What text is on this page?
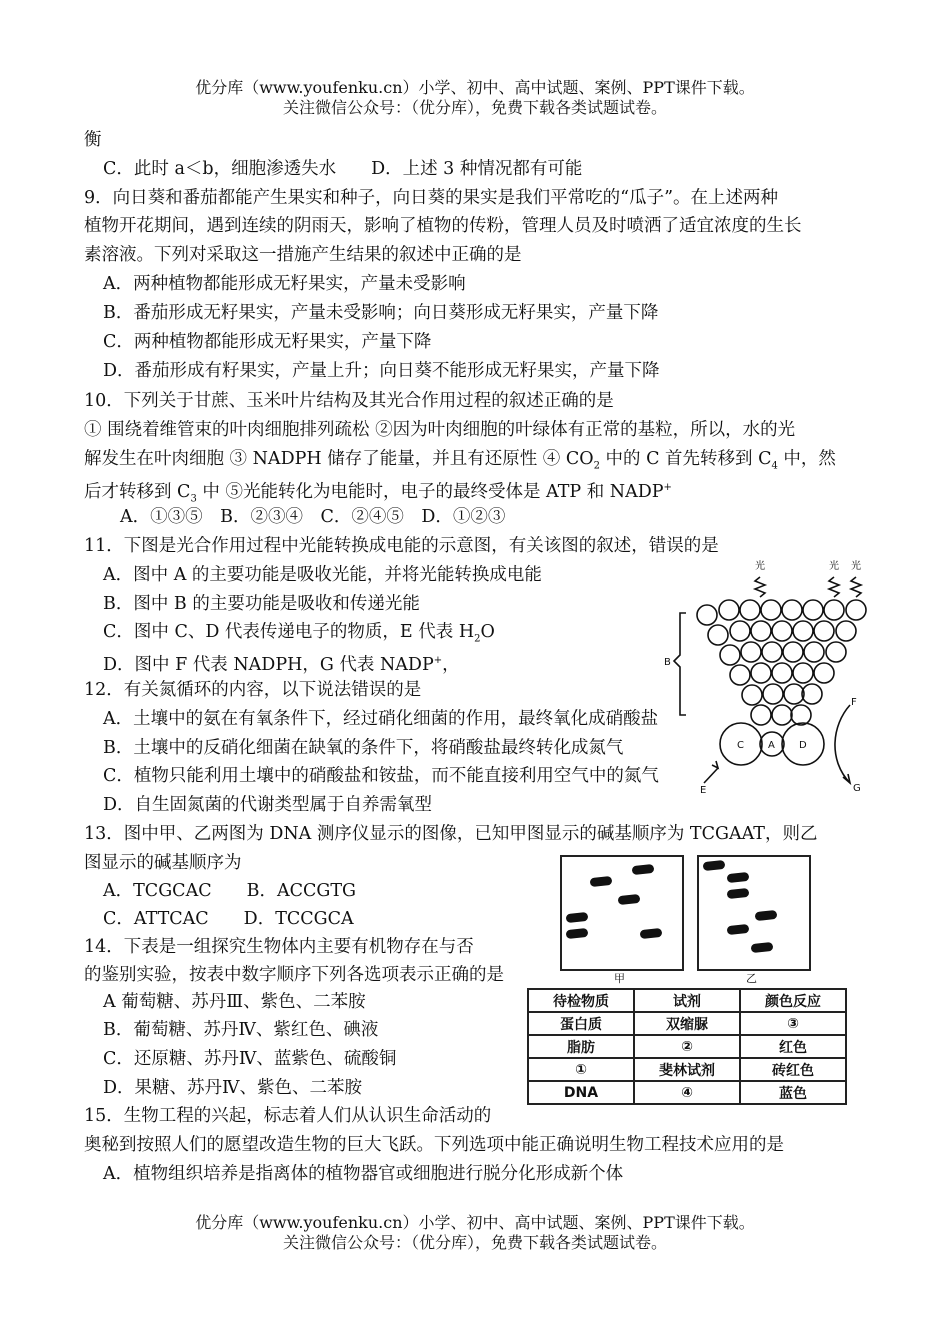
优分库（www.youfenku.cn）小学、初中、高中试题、案例、PPT课件下载。
关注微信公众号：（优分库），免费下载各类试题试卷。
衡
C．此时 a＜b，细胞渗透失水　　D．上述 3 种情况都有可能
9．向日葵和番茄都能产生果实和种子，向日葵的果实是我们平常吃的“瓜子”。在上述两种
植物开花期间，遇到连续的阴雨天，影响了植物的传粉，管理人员及时喷洒了适宜浓度的生长
素溶液。下列对采取这一措施产生结果的叙述中正确的是
A．两种植物都能形成无籽果实，产量未受影响
B．番茄形成无籽果实，产量未受影响；向日葵形成无籽果实，产量下降
C．两种植物都能形成无籽果实，产量下降
D．番茄形成有籽果实，产量上升；向日葵不能形成无籽果实，产量下降
10．下列关于甘蔗、玉米叶片结构及其光合作用过程的叙述正确的是
① 围绕着维管束的叶肉细胞排列疏松 ②因为叶肉细胞的叶绿体有正常的基粒，所以，水的光
解发生在叶肉细胞 ③ NADPH 储存了能量，并且有还原性 ④ $CO_2$ 中的 C 首先转移到 $C_4$ 中，然
后才转移到 $C_3$ 中 ⑤光能转化为电能时，电子的最终受体是 ATP 和 NADP+
A．①③⑤　B．②③④　C．②④⑤　D．①②③
11．下图是光合作用过程中光能转换成电能的示意图，有关该图的叙述，错误的是
A．图中 A 的主要功能是吸收光能，并将光能转换成电能
B．图中 B 的主要功能是吸收和传递光能
C．图中 C、D 代表传递电子的物质，E 代表 $H_2O$
D．图中 F 代表 NADPH，G 代表 NADP+，
光	光 光
B
C A D
F
G
E
12．有关氮循环的内容，以下说法错误的是
A．土壤中的氨在有氧条件下，经过硝化细菌的作用，最终氧化成硝酸盐
B．土壤中的反硝化细菌在缺氧的条件下，将硝酸盐最终转化成氮气
C．植物只能利用土壤中的硝酸盐和铵盐，而不能直接利用空气中的氮气
D．自生固氮菌的代谢类型属于自养需氧型
13．图中甲、乙两图为 DNA 测序仪显示的图像，已知甲图显示的碱基顺序为 TCGAAT，则乙
图显示的碱基顺序为
A．TCGCAC　　B．ACCGTG
C．ATTCAC　　D．TCCGCA
甲	乙
14．下表是一组探究生物体内主要有机物存在与否
的鉴别实验，按表中数字顺序下列各选项表示正确的是
A 葡萄糖、苏丹Ⅲ、紫色、二苯胺
B．葡萄糖、苏丹Ⅳ、紫红色、碘液
C．还原糖、苏丹Ⅳ、蓝紫色、硫酸铜
D．果糖、苏丹Ⅳ、紫色、二苯胺
待检物质	试剂	颜色反应
蛋白质	双缩脲	③
脂肪	②	红色
①	斐林试剂	砖红色
DNA	④	蓝色
15．生物工程的兴起，标志着人们从认识生命活动的
奥秘到按照人们的愿望改造生物的巨大飞跃。下列选项中能正确说明生物工程技术应用的是
A．植物组织培养是指离体的植物器官或细胞进行脱分化形成新个体
优分库（www.youfenku.cn）小学、初中、高中试题、案例、PPT课件下载。
关注微信公众号：（优分库），免费下载各类试题试卷。
